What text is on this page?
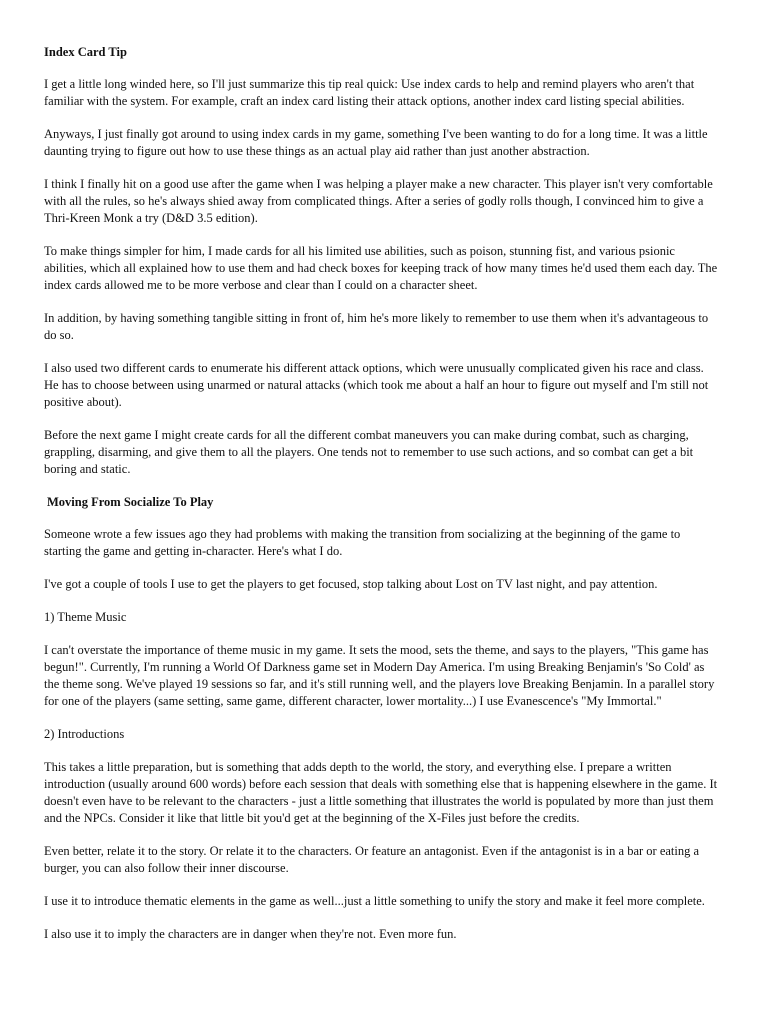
Index Card Tip

I get a little long winded here, so I'll just summarize this tip real quick: Use index cards to help and remind players who aren't that familiar with the system. For example, craft an index card listing their attack options, another index card listing special abilities.

Anyways, I just finally got around to using index cards in my game, something I've been wanting to do for a long time. It was a little daunting trying to figure out how to use these things as an actual play aid rather than just another abstraction.

I think I finally hit on a good use after the game when I was helping a player make a new character. This player isn't very comfortable with all the rules, so he's always shied away from complicated things. After a series of godly rolls though, I convinced him to give a Thri-Kreen Monk a try (D&D 3.5 edition).

To make things simpler for him, I made cards for all his limited use abilities, such as poison, stunning fist, and various psionic abilities, which all explained how to use them and had check boxes for keeping track of how many times he'd used them each day. The index cards allowed me to be more verbose and clear than I could on a character sheet.

In addition, by having something tangible sitting in front of, him he's more likely to remember to use them when it's advantageous to do so.

I also used two different cards to enumerate his different attack options, which were unusually complicated given his race and class. He has to choose between using unarmed or natural attacks (which took me about a half an hour to figure out myself and I'm still not positive about).

Before the next game I might create cards for all the different combat maneuvers you can make during combat, such as charging, grappling, disarming, and give them to all the players. One tends not to remember to use such actions, and so combat can get a bit boring and static.

Moving From Socialize To Play

Someone wrote a few issues ago they had problems with making the transition from socializing at the beginning of the game to starting the game and getting in-character. Here's what I do.

I've got a couple of tools I use to get the players to get focused, stop talking about Lost on TV last night, and pay attention.

1) Theme Music

I can't overstate the importance of theme music in my game. It sets the mood, sets the theme, and says to the players, "This game has begun!". Currently, I'm running a World Of Darkness game set in Modern Day America. I'm using Breaking Benjamin's 'So Cold' as the theme song. We've played 19 sessions so far, and it's still running well, and the players love Breaking Benjamin. In a parallel story for one of the players (same setting, same game, different character, lower mortality...) I use Evanescence's "My Immortal."

2) Introductions

This takes a little preparation, but is something that adds depth to the world, the story, and everything else. I prepare a written introduction (usually around 600 words) before each session that deals with something else that is happening elsewhere in the game. It doesn't even have to be relevant to the characters - just a little something that illustrates the world is populated by more than just them and the NPCs. Consider it like that little bit you'd get at the beginning of the X-Files just before the credits.

Even better, relate it to the story. Or relate it to the characters. Or feature an antagonist. Even if the antagonist is in a bar or eating a burger, you can also follow their inner discourse.

I use it to introduce thematic elements in the game as well...just a little something to unify the story and make it feel more complete.

I also use it to imply the characters are in danger when they're not. Even more fun.
